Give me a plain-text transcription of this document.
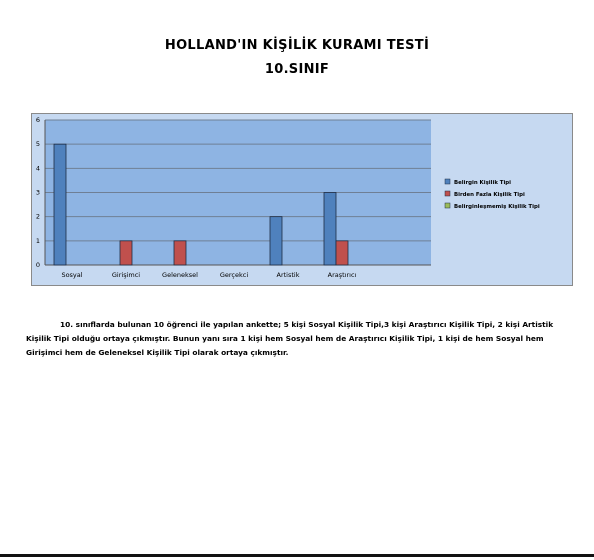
HOLLAND'IN KİŞİLİK KURAMI TESTİ
10.SINIF
0
1
2
3
4
5
6
Sosyal	Girişimci	Geleneksel	Gerçekci	Artistik	Araştırıcı
Belirgin Kişilik Tipi
Birden Fazla Kişilik Tipi
Belirginleşmemiş Kişilik Tipi
10. sınıflarda bulunan 10 öğrenci ile yapılan ankette; 5 kişi Sosyal Kişilik Tipi,3 kişi Araştırıcı Kişilik Tipi, 2 kişi Artistik Kişilik Tipi olduğu ortaya çıkmıştır. Bunun yanı sıra 1 kişi hem Sosyal hem de Araştırıcı Kişilik Tipi, 1 kişi de hem Sosyal hem Girişimci hem de Geleneksel Kişilik Tipi olarak ortaya çıkmıştır.
